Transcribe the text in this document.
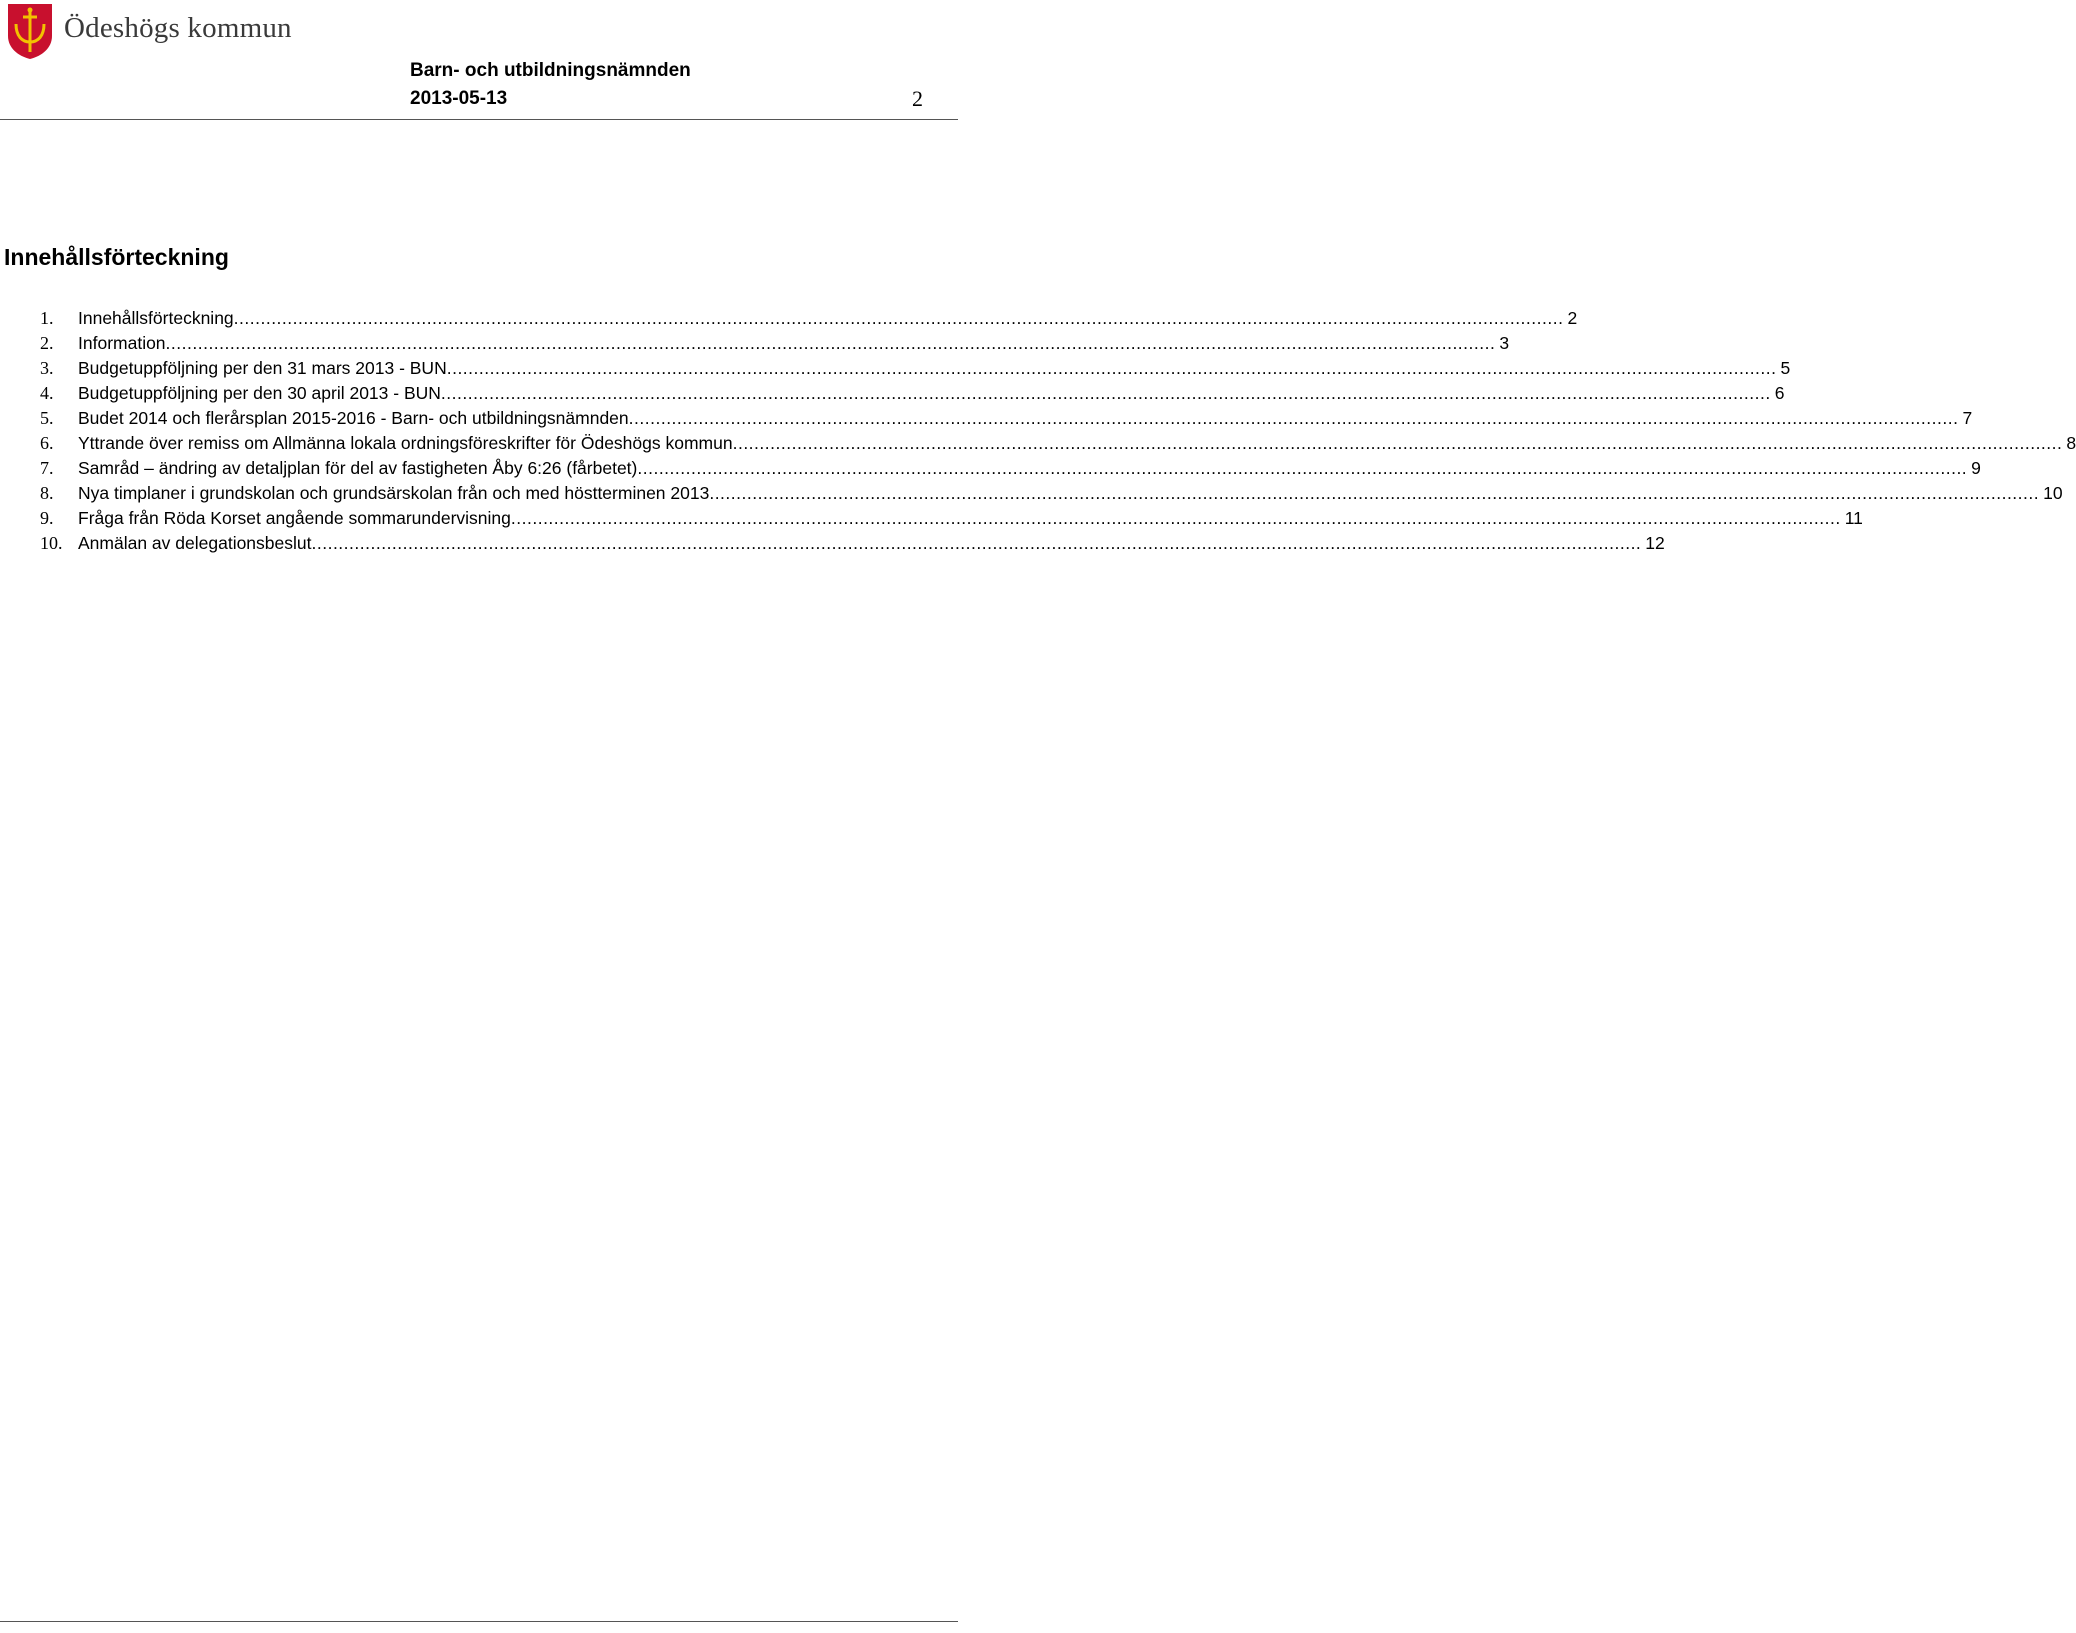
Ödeshögs kommun
Barn- och utbildningsnämnden
2013-05-13	2
Innehållsförteckning
1.	Innehållsförteckning .....	2
2.	Information .....	3
3.	Budgetuppföljning per den 31 mars 2013 - BUN .....	5
4.	Budgetuppföljning per den 30 april 2013 - BUN .....	6
5.	Budet 2014 och flerårsplan 2015-2016 - Barn- och utbildningsnämnden .....	7
6.	Yttrande över remiss om Allmänna lokala ordningsföreskrifter för Ödeshögs kommun .....	8
7.	Samråd – ändring av detaljplan för del av fastigheten Åby 6:26 (fårbetet) .....	9
8.	Nya timplaner i grundskolan och grundsärskolan från och med höstterminen 2013 .....	10
9.	Fråga från Röda Korset angående sommarundervisning .....	11
10. Anmälan av delegationsbeslut .....	12
